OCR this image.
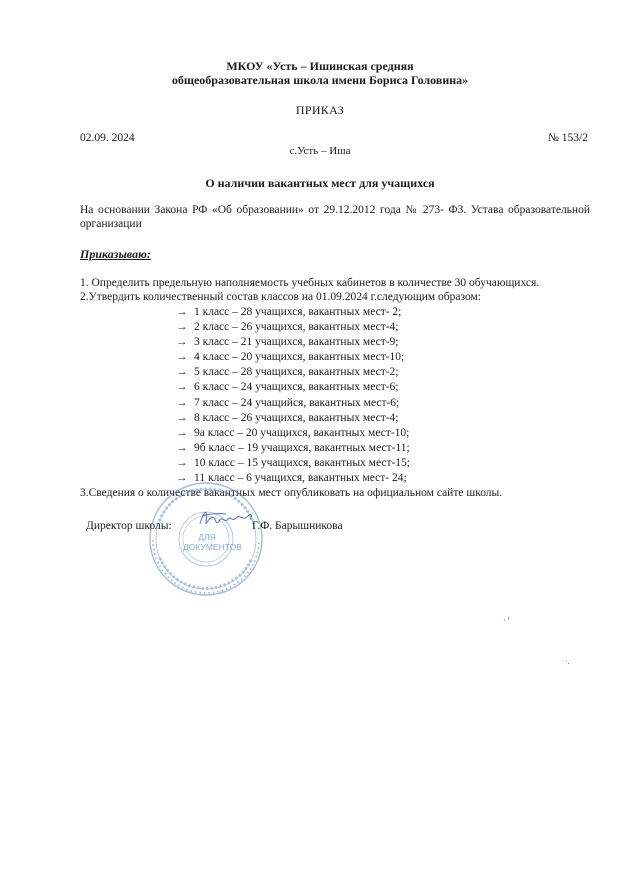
МКОУ «Усть – Ишинская средняя
общеобразовательная школа имени Бориса Головина»
ПРИКАЗ
02.09. 2024	№ 153/2
с.Усть – Иша
О наличии вакантных мест для учащихся
На основании Закона РФ «Об образовании» от 29.12.2012 года № 273- ФЗ. Устава образовательной организации
Приказываю:
1. Определить предельную наполняемость учебных кабинетов в количестве 30 обучающихся.
2.Утвердить количественный состав классов на 01.09.2024 г.следующим образом:
→ 1 класс – 28 учащихся, вакантных мест- 2;
→ 2 класс – 26 учащихся, вакантных мест-4;
→ 3 класс – 21 учащихся, вакантных мест-9;
→ 4 класс – 20 учащихся, вакантных мест-10;
→ 5 класс – 28 учащихся, вакантных мест-2;
→ 6 класс – 24 учащихся, вакантных мест-6;
→ 7 класс – 24 учащийся, вакантных мест-6;
→ 8 класс – 26 учащихся, вакантных мест-4;
→ 9а класс – 20 учащихся, вакантных мест-10;
→ 9б класс – 19 учащихся, вакантных мест-11;
→ 10 класс – 15 учащихся, вакантных мест-15;
→ 11 класс – 6 учащихся, вакантных мест- 24;
3.Сведения о количестве вакантных мест опубликовать на официальном сайте школы.
ДЛЯ ДОКУМЕНТОВ
Директор школы:	Г.Ф. Барышникова
· '
·.
